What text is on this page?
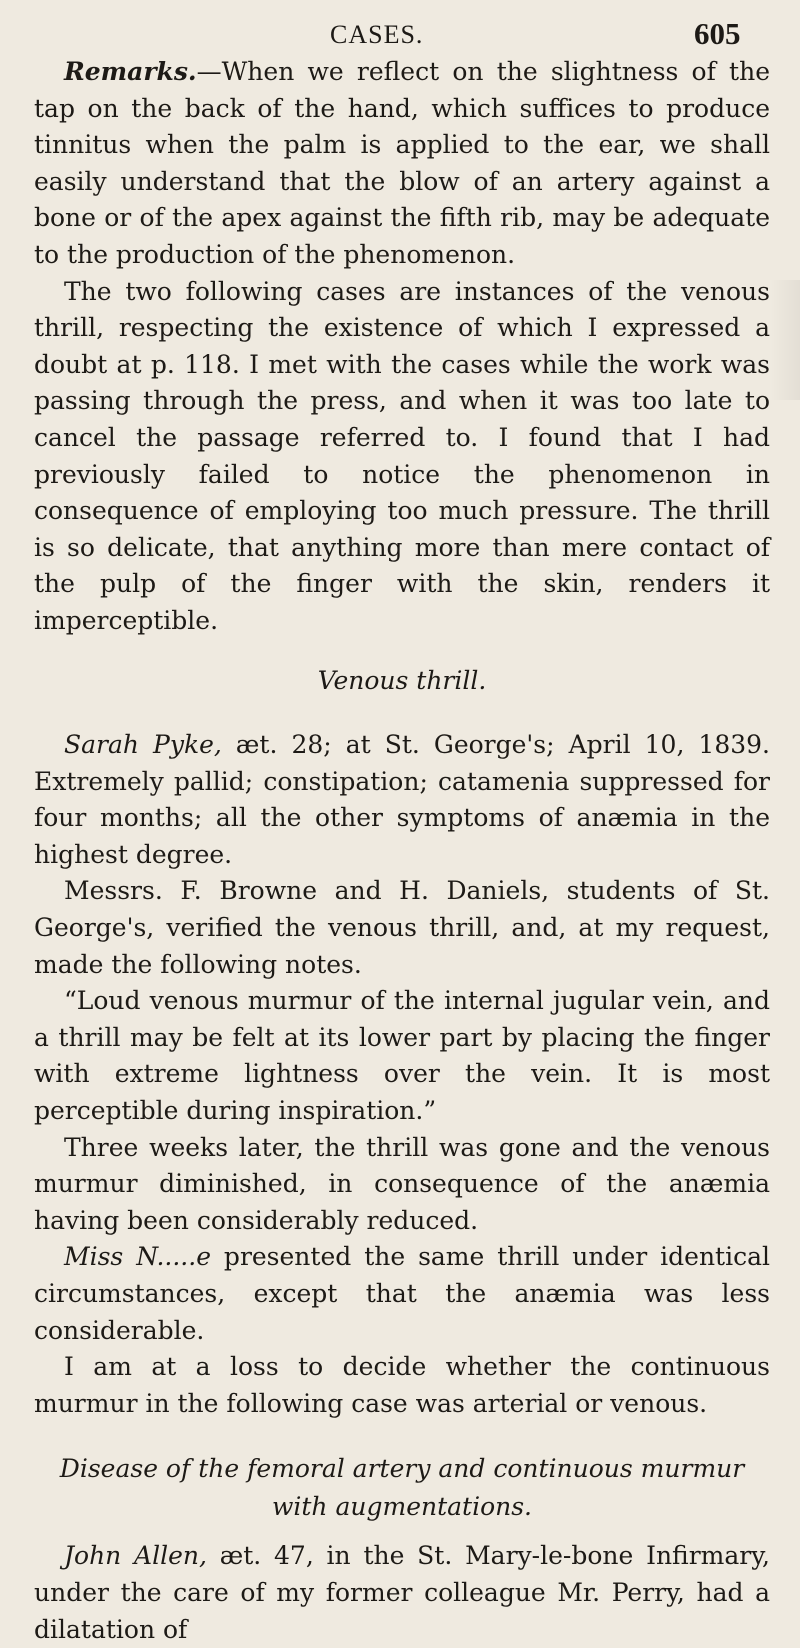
CASES.	605

Remarks.—When we reflect on the slightness of the tap on the back of the hand, which suffices to produce tinnitus when the palm is applied to the ear, we shall easily understand that the blow of an artery against a bone or of the apex against the fifth rib, may be adequate to the production of the phenomenon.

The two following cases are instances of the venous thrill, respecting the existence of which I expressed a doubt at p. 118. I met with the cases while the work was passing through the press, and when it was too late to cancel the passage referred to. I found that I had previously failed to notice the phenomenon in consequence of employing too much pressure. The thrill is so delicate, that anything more than mere contact of the pulp of the finger with the skin, renders it imperceptible.

Venous thrill.

Sarah Pyke, æt. 28; at St. George's; April 10, 1839. Extremely pallid; constipation; catamenia suppressed for four months; all the other symptoms of anæmia in the highest degree.

Messrs. F. Browne and H. Daniels, students of St. George's, verified the venous thrill, and, at my request, made the following notes.

“Loud venous murmur of the internal jugular vein, and a thrill may be felt at its lower part by placing the finger with extreme lightness over the vein. It is most perceptible during inspiration.”

Three weeks later, the thrill was gone and the venous murmur diminished, in consequence of the anæmia having been considerably reduced.

Miss N.....e presented the same thrill under identical circumstances, except that the anæmia was less considerable.

I am at a loss to decide whether the continuous murmur in the following case was arterial or venous.

Disease of the femoral artery and continuous murmur with augmentations.

John Allen, æt. 47, in the St. Mary-le-bone Infirmary, under the care of my former colleague Mr. Perry, had a dilatation of
